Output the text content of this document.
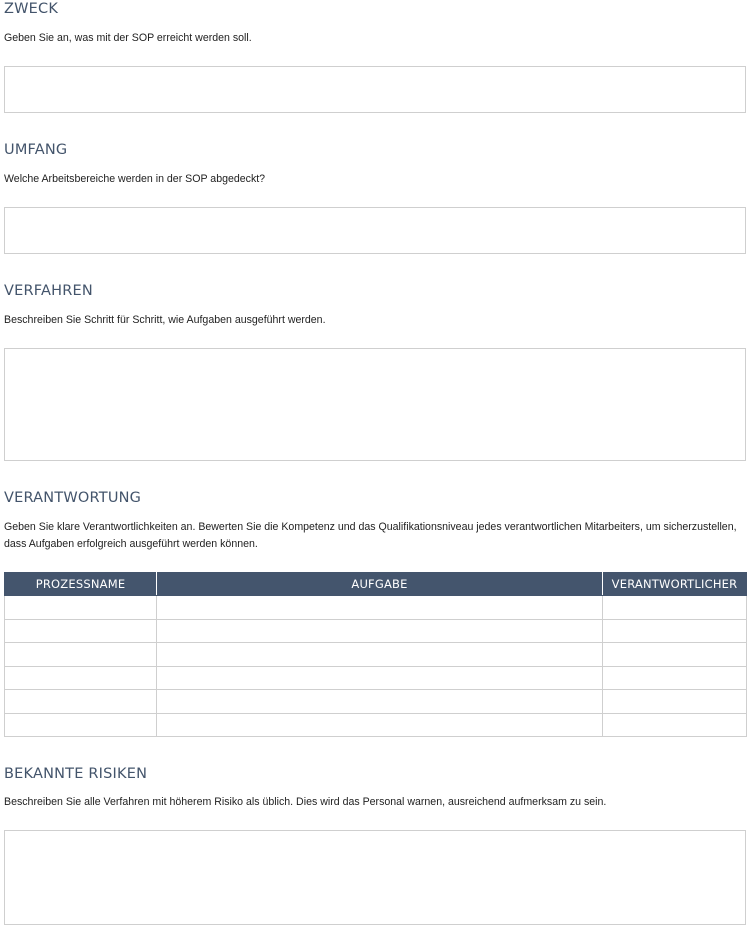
ZWECK

Geben Sie an, was mit der SOP erreicht werden soll.

UMFANG

Welche Arbeitsbereiche werden in der SOP abgedeckt?

VERFAHREN

Beschreiben Sie Schritt für Schritt, wie Aufgaben ausgeführt werden.

VERANTWORTUNG

Geben Sie klare Verantwortlichkeiten an. Bewerten Sie die Kompetenz und das Qualifikationsniveau jedes verantwortlichen Mitarbeiters, um sicherzustellen, dass Aufgaben erfolgreich ausgeführt werden können.

PROZESSNAME	AUFGABE	VERANTWORTLICHER

BEKANNTE RISIKEN

Beschreiben Sie alle Verfahren mit höherem Risiko als üblich. Dies wird das Personal warnen, ausreichend aufmerksam zu sein.
